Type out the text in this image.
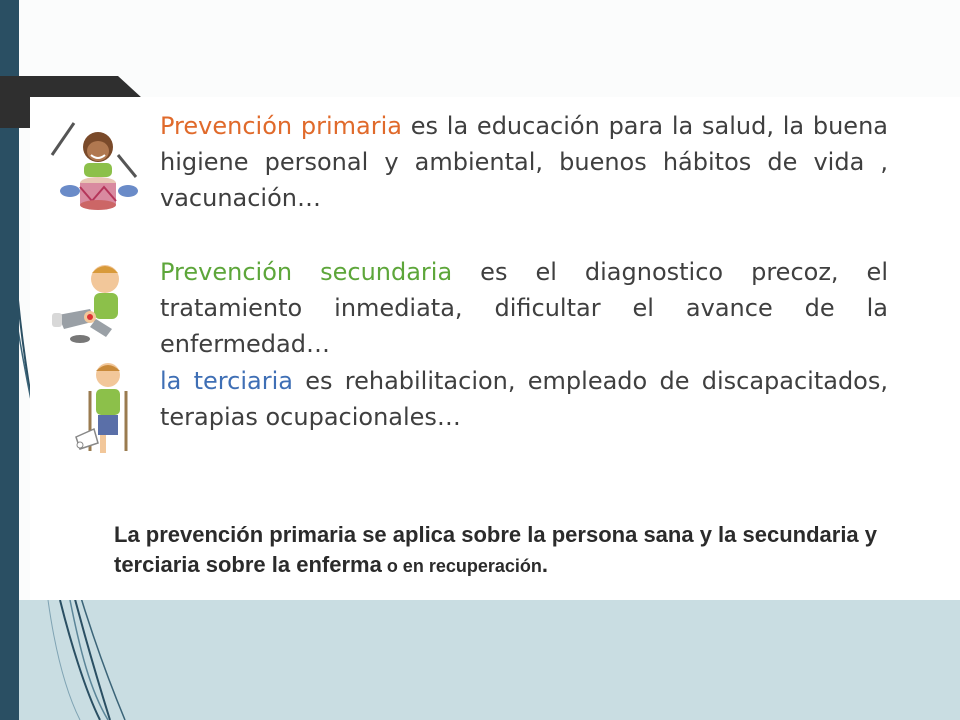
Prevención primaria es la educación para la salud, la buena higiene personal y ambiental, buenos hábitos de vida , vacunación…

Prevención secundaria es el diagnostico precoz, el tratamiento inmediata, dificultar el avance de la enfermedad…

la terciaria es rehabilitacion, empleado de discapacitados, terapias ocupacionales…

La prevención primaria se aplica sobre la persona sana y la secundaria y terciaria sobre la enferma o en recuperación.
